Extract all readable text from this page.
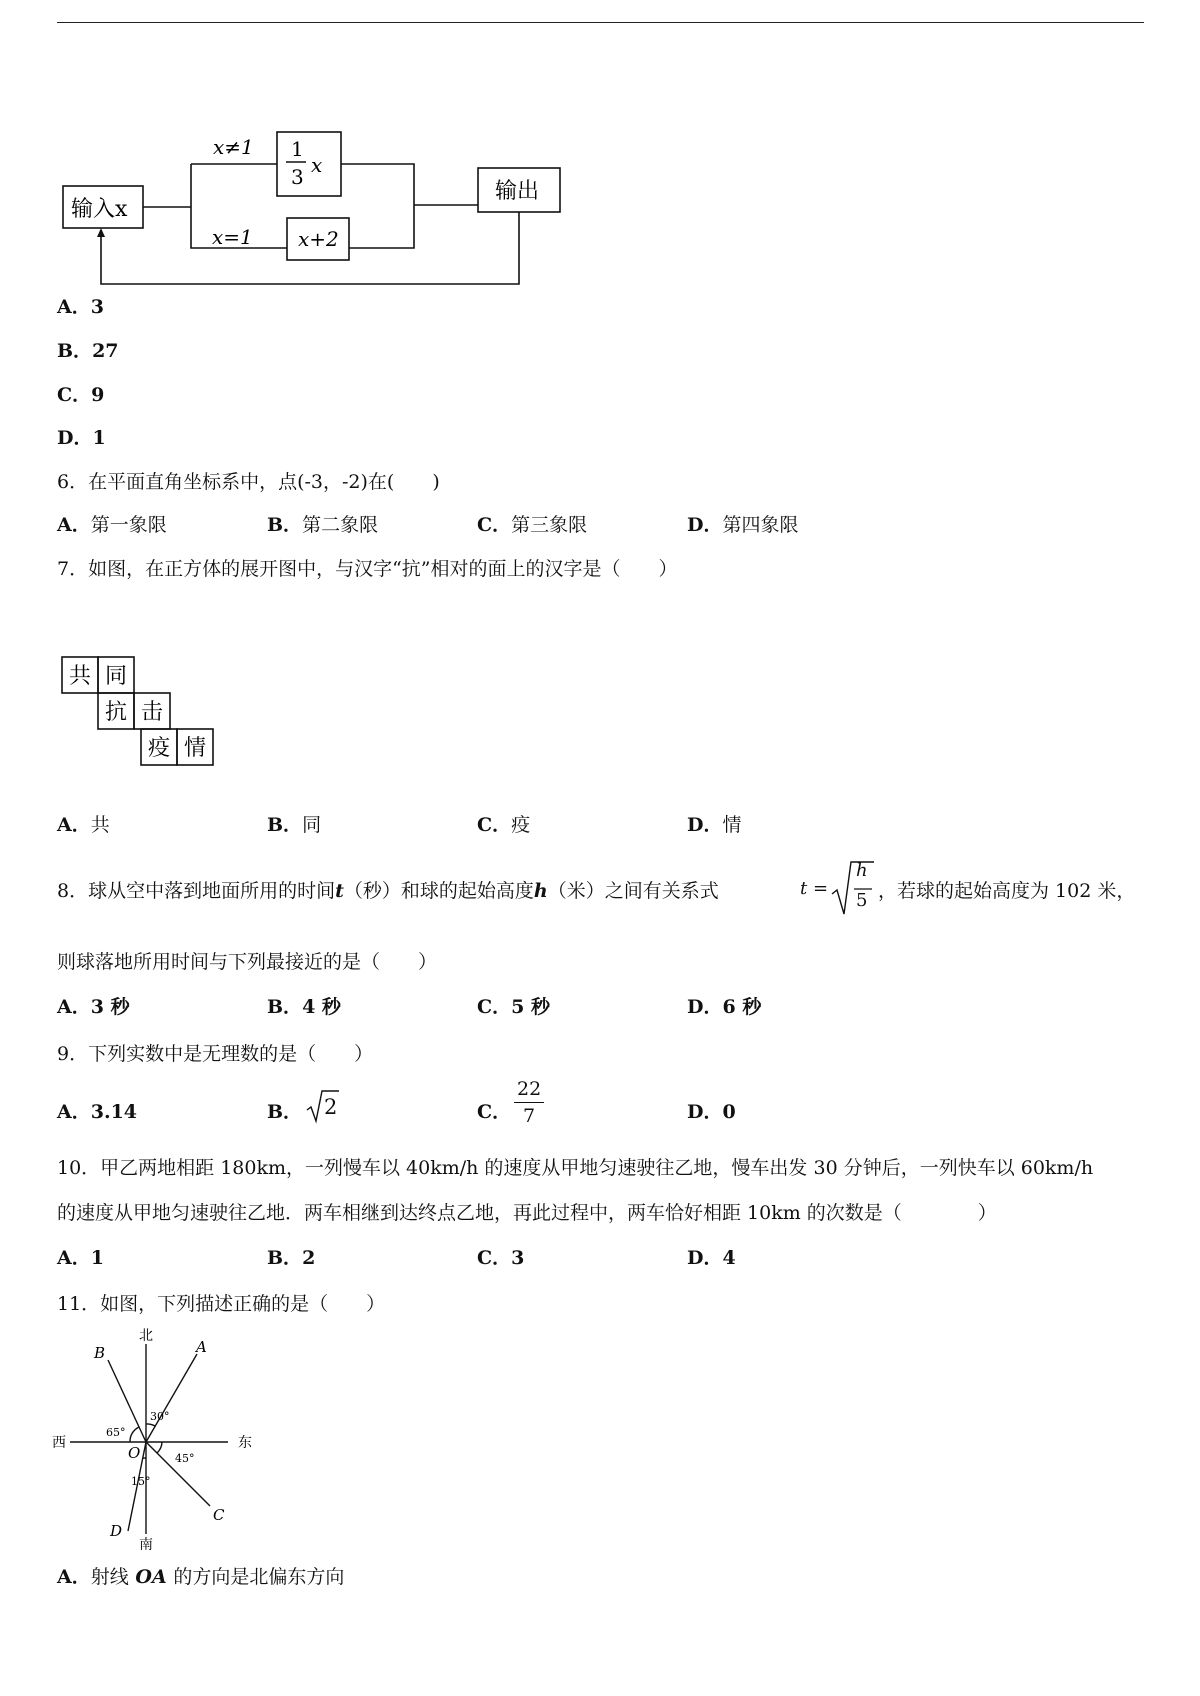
输入x
输出
x≠1
x=1
1
3 x
x+2
A．3
B．27
C．9
D．1
6．在平面直角坐标系中，点(-3，-2)在(　　)
A．第一象限	B．第二象限	C．第三象限	D．第四象限
7．如图，在正方体的展开图中，与汉字“抗”相对的面上的汉字是（　　）
共 同
抗 击
疫 情
A．共	B．同	C．疫	D．情
8．球从空中落到地面所用的时间t（秒）和球的起始高度h（米）之间有关系式	t =
h
5 ，若球的起始高度为 102 米，
则球落地所用时间与下列最接近的是（　　）
A．3 秒	B．4 秒	C．5 秒	D．6 秒
9．下列实数中是无理数的是（　　）
A．3.14	B． 2	C． $\frac{22}{7}$	D．0
10．甲乙两地相距 180km，一列慢车以 40km/h 的速度从甲地匀速驶往乙地，慢车出发 30 分钟后，一列快车以 60km/h
的速度从甲地匀速驶往乙地．两车相继到达终点乙地，再此过程中，两车恰好相距 10km 的次数是（　　　　）
A．1	B．2	C．3	D．4
11．如图，下列描述正确的是（　　）
北
南
东
西
O
A
B
C
D
30°
65°
45°
15°
A．射线 OA 的方向是北偏东方向
